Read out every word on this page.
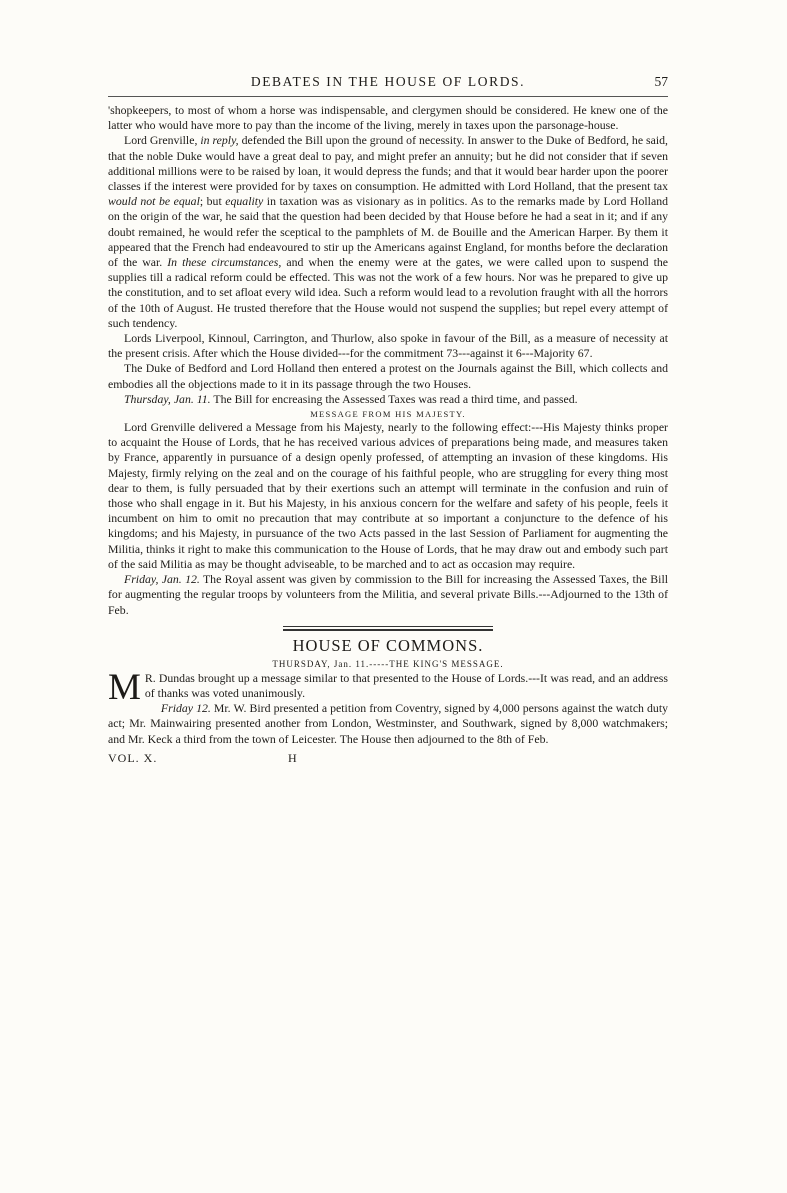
DEBATES IN THE HOUSE OF LORDS.	57

'shopkeepers, to most of whom a horse was indispensable, and clergymen should be considered. He knew one of the latter who would have more to pay than the income of the living, merely in taxes upon the parsonage-house.

Lord Grenville, in reply, defended the Bill upon the ground of necessity. In answer to the Duke of Bedford, he said, that the noble Duke would have a great deal to pay, and might prefer an annuity; but he did not consider that if seven additional millions were to be raised by loan, it would depress the funds; and that it would bear harder upon the poorer classes if the interest were provided for by taxes on consumption. He admitted with Lord Holland, that the present tax would not be equal; but equality in taxation was as visionary as in politics. As to the remarks made by Lord Holland on the origin of the war, he said that the question had been decided by that House before he had a seat in it; and if any doubt remained, he would refer the sceptical to the pamphlets of M. de Bouille and the American Harper. By them it appeared that the French had endeavoured to stir up the Americans against England, for months before the declaration of the war. In these circumstances, and when the enemy were at the gates, we were called upon to suspend the supplies till a radical reform could be effected. This was not the work of a few hours. Nor was he prepared to give up the constitution, and to set afloat every wild idea. Such a reform would lead to a revolution fraught with all the horrors of the 10th of August. He trusted therefore that the House would not suspend the supplies; but repel every attempt of such tendency.

Lords Liverpool, Kinnoul, Carrington, and Thurlow, also spoke in favour of the Bill, as a measure of necessity at the present crisis. After which the House divided---for the commitment 73---against it 6---Majority 67.

The Duke of Bedford and Lord Holland then entered a protest on the Journals against the Bill, which collects and embodies all the objections made to it in its passage through the two Houses.

Thursday, Jan. 11. The Bill for encreasing the Assessed Taxes was read a third time, and passed.

MESSAGE FROM HIS MAJESTY.

Lord Grenville delivered a Message from his Majesty, nearly to the following effect:---His Majesty thinks proper to acquaint the House of Lords, that he has received various advices of preparations being made, and measures taken by France, apparently in pursuance of a design openly professed, of attempting an invasion of these kingdoms. His Majesty, firmly relying on the zeal and on the courage of his faithful people, who are struggling for every thing most dear to them, is fully persuaded that by their exertions such an attempt will terminate in the confusion and ruin of those who shall engage in it. But his Majesty, in his anxious concern for the welfare and safety of his people, feels it incumbent on him to omit no precaution that may contribute at so important a conjuncture to the defence of his kingdoms; and his Majesty, in pursuance of the two Acts passed in the last Session of Parliament for augmenting the Militia, thinks it right to make this communication to the House of Lords, that he may draw out and embody such part of the said Militia as may be thought adviseable, to be marched and to act as occasion may require.

Friday, Jan. 12. The Royal assent was given by commission to the Bill for increasing the Assessed Taxes, the Bill for augmenting the regular troops by volunteers from the Militia, and several private Bills.---Adjourned to the 13th of Feb.

HOUSE OF COMMONS.
THURSDAY, Jan. 11.-----THE KING'S MESSAGE.

M R. Dundas brought up a message similar to that presented to the House of Lords.---It was read, and an address of thanks was voted unanimously.

Friday 12. Mr. W. Bird presented a petition from Coventry, signed by 4,000 persons against the watch duty act; Mr. Mainwairing presented another from London, Westminster, and Southwark, signed by 8,000 watchmakers; and Mr. Keck a third from the town of Leicester. The House then adjourned to the 8th of Feb.

VOL. X.	H
